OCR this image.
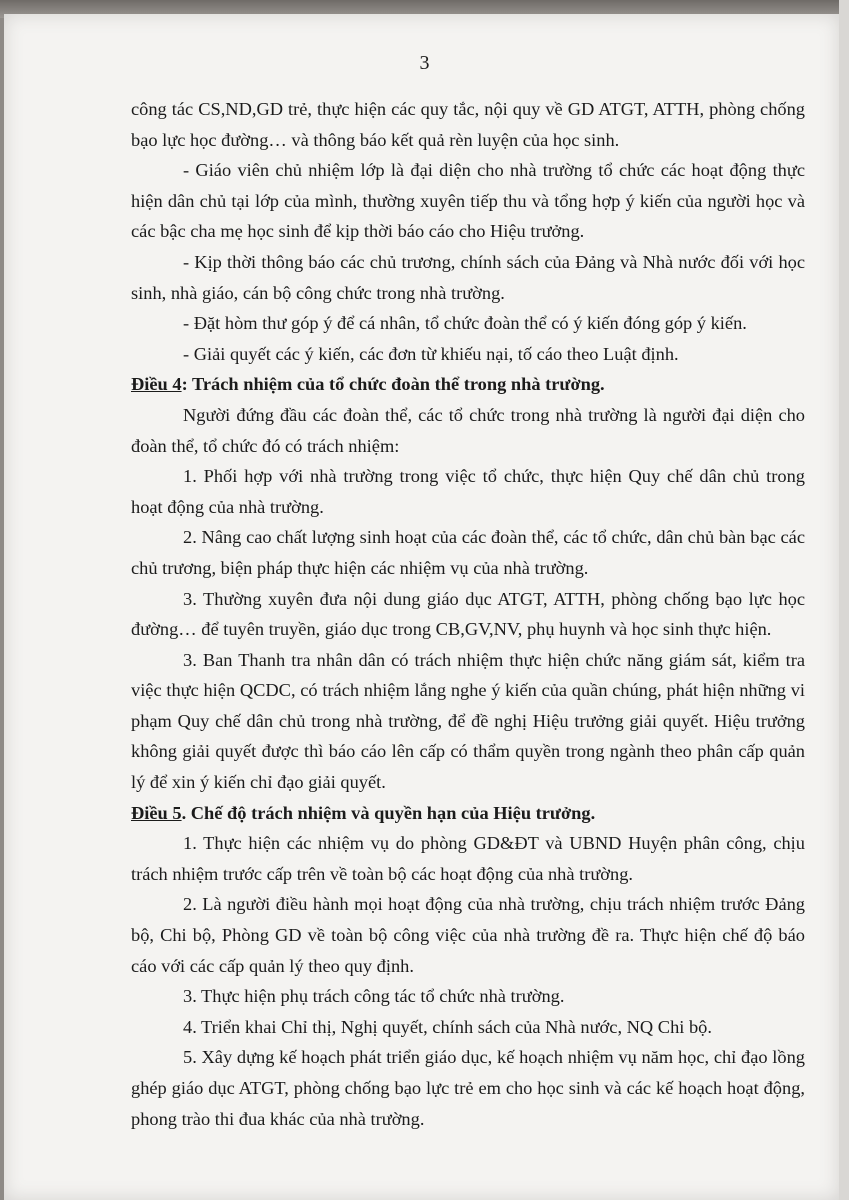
3

công tác CS,ND,GD trẻ, thực hiện các quy tắc, nội quy về GD ATGT, ATTH, phòng chống bạo lực học đường… và thông báo kết quả rèn luyện của học sinh.

- Giáo viên chủ nhiệm lớp là đại diện cho nhà trường tổ chức các hoạt động thực hiện dân chủ tại lớp của mình, thường xuyên tiếp thu và tổng hợp ý kiến của người học và các bậc cha mẹ học sinh để kịp thời báo cáo cho Hiệu trưởng.

- Kịp thời thông báo các chủ trương, chính sách của Đảng và Nhà nước đối với học sinh, nhà giáo, cán bộ công chức trong nhà trường.

- Đặt hòm thư góp ý để cá nhân, tổ chức đoàn thể có ý kiến đóng góp ý kiến.

- Giải quyết các ý kiến, các đơn từ khiếu nại, tố cáo theo Luật định.

Điều 4: Trách nhiệm của tổ chức đoàn thể trong nhà trường.

Người đứng đầu các đoàn thể, các tổ chức trong nhà trường là người đại diện cho đoàn thể, tổ chức đó có trách nhiệm:

1. Phối hợp với nhà trường trong việc tổ chức, thực hiện Quy chế dân chủ trong hoạt động của nhà trường.

2. Nâng cao chất lượng sinh hoạt của các đoàn thể, các tổ chức, dân chủ bàn bạc các chủ trương, biện pháp thực hiện các nhiệm vụ của nhà trường.

3. Thường xuyên đưa nội dung giáo dục ATGT, ATTH, phòng chống bạo lực học đường… để tuyên truyền, giáo dục trong CB,GV,NV, phụ huynh và học sinh thực hiện.

3. Ban Thanh tra nhân dân có trách nhiệm thực hiện chức năng giám sát, kiểm tra việc thực hiện QCDC, có trách nhiệm lắng nghe ý kiến của quần chúng, phát hiện những vi phạm Quy chế dân chủ trong nhà trường, để đề nghị Hiệu trưởng giải quyết. Hiệu trưởng không giải quyết được thì báo cáo lên cấp có thẩm quyền trong ngành theo phân cấp quản lý để xin ý kiến chỉ đạo giải quyết.

Điều 5. Chế độ trách nhiệm và quyền hạn của Hiệu trưởng.

1. Thực hiện các nhiệm vụ do phòng GD&ĐT và UBND Huyện phân công, chịu trách nhiệm trước cấp trên về toàn bộ các hoạt động của nhà trường.

2. Là người điều hành mọi hoạt động của nhà trường, chịu trách nhiệm trước Đảng bộ, Chi bộ, Phòng GD về toàn bộ công việc của nhà trường đề ra. Thực hiện chế độ báo cáo với các cấp quản lý theo quy định.

3. Thực hiện phụ trách công tác tổ chức nhà trường.

4. Triển khai Chỉ thị, Nghị quyết, chính sách của Nhà nước, NQ Chi bộ.

5. Xây dựng kế hoạch phát triển giáo dục, kế hoạch nhiệm vụ năm học, chỉ đạo lồng ghép giáo dục ATGT, phòng chống bạo lực trẻ em cho học sinh và các kế hoạch hoạt động, phong trào thi đua khác của nhà trường.
